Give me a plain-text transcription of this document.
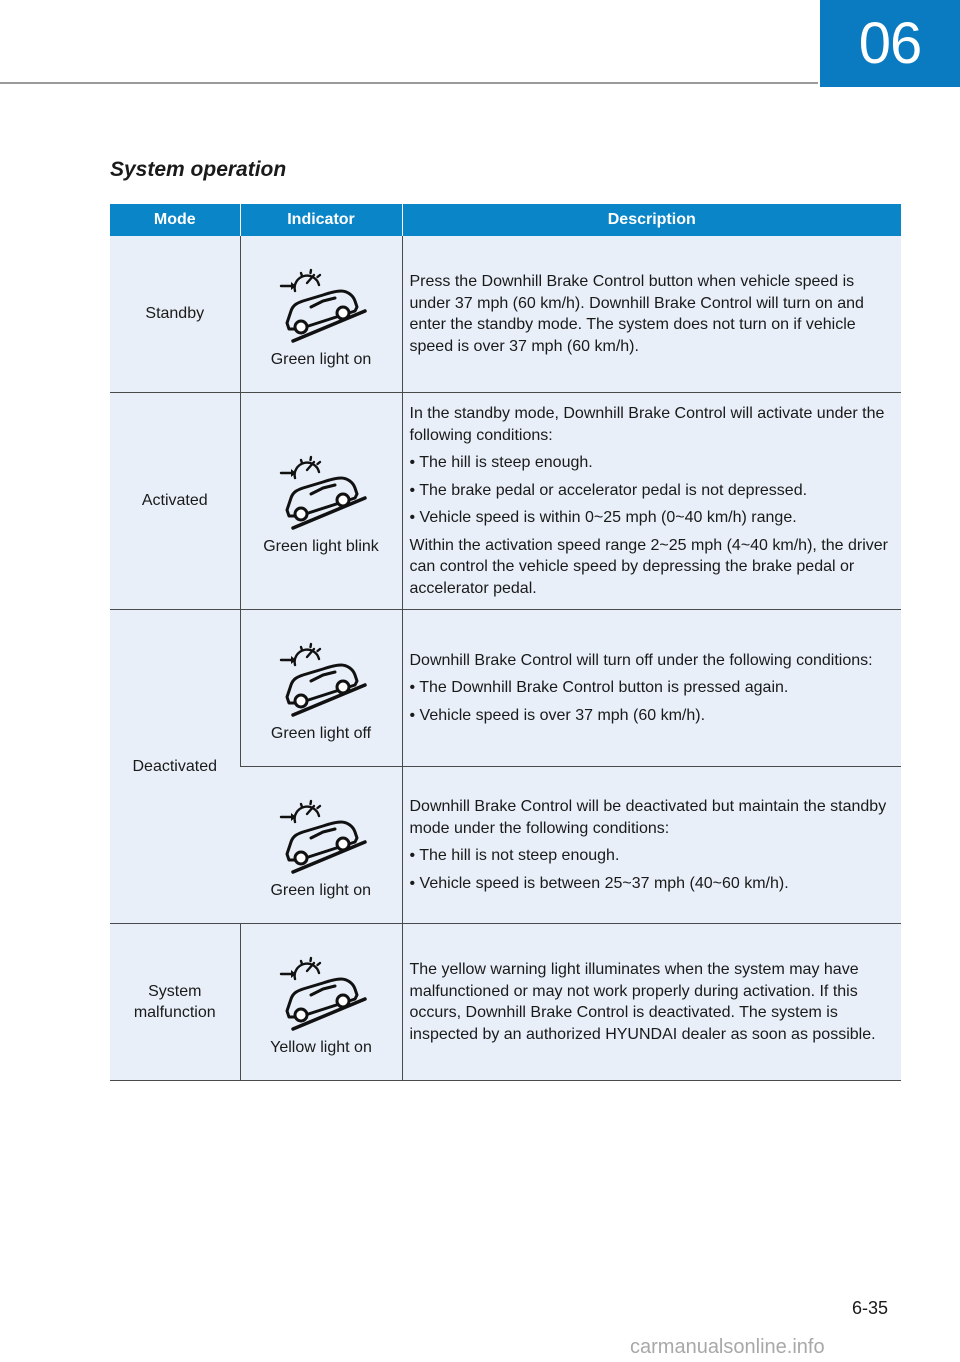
06
System operation
Mode	Indicator	Description
Standby	Green light on	Press the Downhill Brake Control button when vehicle speed is under 37 mph (60 km/h). Downhill Brake Control will turn on and enter the standby mode. The system does not turn on if vehicle speed is over 37 mph (60 km/h).

Activated	Green light blink	In the standby mode, Downhill Brake Control will activate under the following conditions:
• The hill is steep enough.
• The brake pedal or accelerator pedal is not depressed.
• Vehicle speed is within 0~25 mph (0~40 km/h) range.
Within the activation speed range 2~25 mph (4~40 km/h), the driver can control the vehicle speed by depressing the brake pedal or accelerator pedal.

Deactivated	Green light off	Downhill Brake Control will turn off under the following conditions:
• The Downhill Brake Control button is pressed again.
• Vehicle speed is over 37 mph (60 km/h).

	Green light on	Downhill Brake Control will be deactivated but maintain the standby mode under the following conditions:
• The hill is not steep enough.
• Vehicle speed is between 25~37 mph (40~60 km/h).

System malfunction	Yellow light on	The yellow warning light illuminates when the system may have malfunctioned or may not work properly during activation. If this occurs, Downhill Brake Control is deactivated. The system is inspected by an authorized HYUNDAI dealer as soon as possible.
6-35
carmanualsonline.info
